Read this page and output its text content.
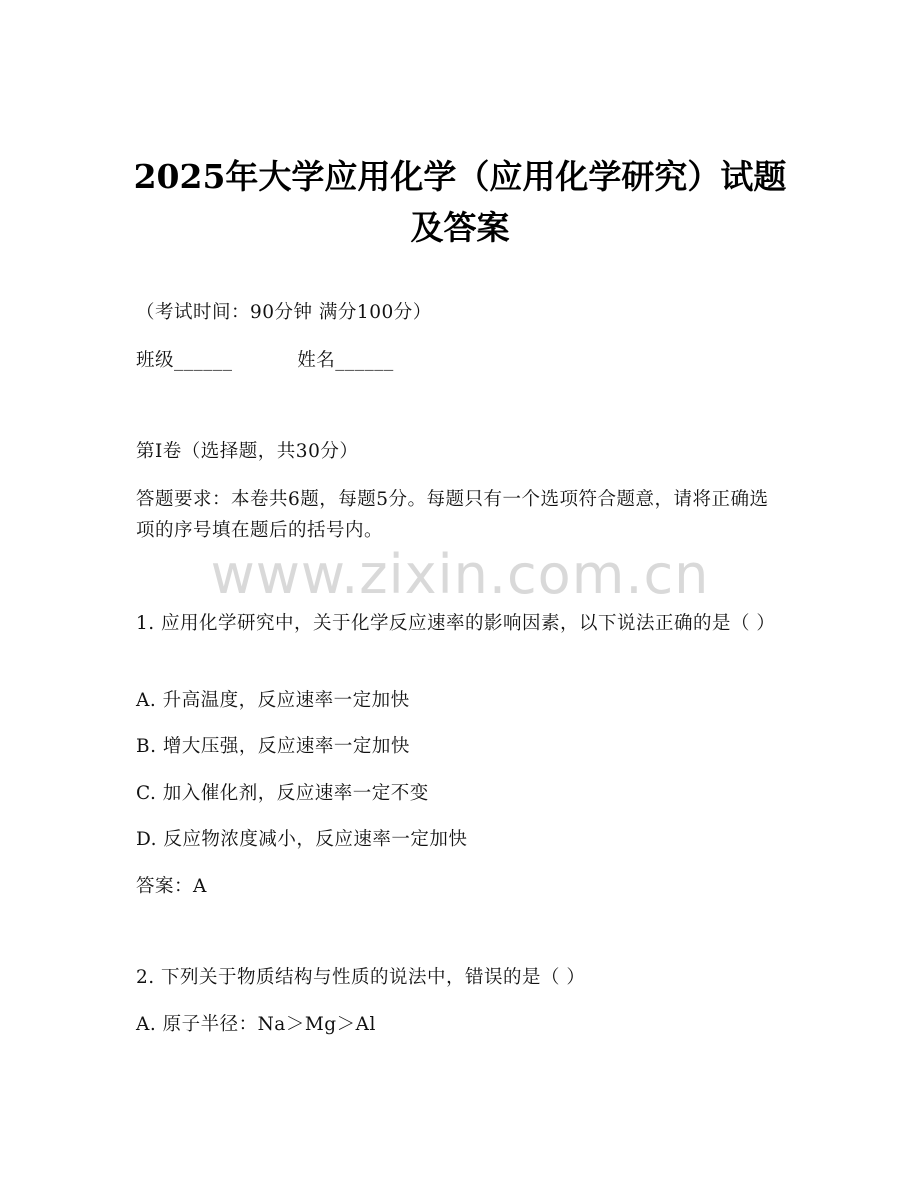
www.zixin.com.cn
2025年大学应用化学（应用化学研究）试题
及答案
（考试时间：90分钟 满分100分）
班级______	姓名______
第I卷（选择题，共30分）
答题要求：本卷共6题，每题5分。每题只有一个选项符合题意，请将正确选项的序号填在题后的括号内。
1. 应用化学研究中，关于化学反应速率的影响因素，以下说法正确的是（ ）
A. 升高温度，反应速率一定加快
B. 增大压强，反应速率一定加快
C. 加入催化剂，反应速率一定不变
D. 反应物浓度减小，反应速率一定加快
答案：A
2. 下列关于物质结构与性质的说法中，错误的是（ ）
A. 原子半径：Na＞Mg＞Al
